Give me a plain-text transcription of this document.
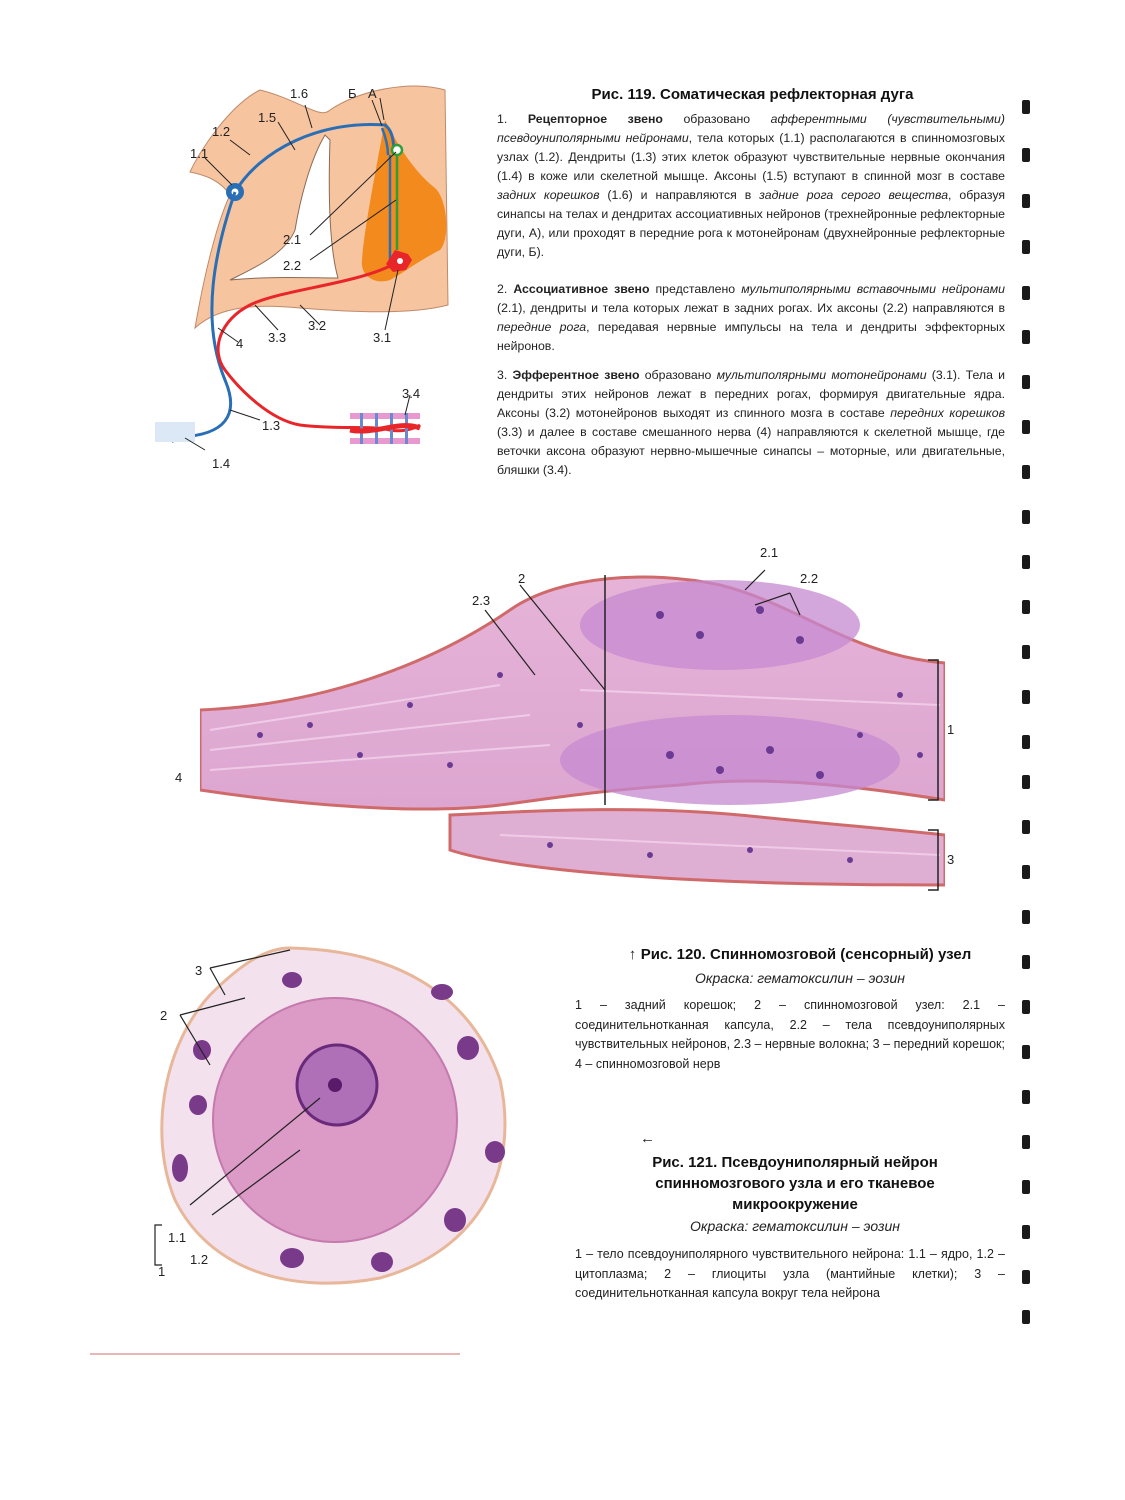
1.1
1.2
1.5
1.6	Б А
2.1
2.2
4 3.3
3.2
3.1
3.4
1.3
1.4
Рис. 119. Соматическая рефлекторная дуга
1. Рецепторное звено образовано афферентными (чувствительными) псевдоуниполярными нейронами, тела которых (1.1) располагаются в спинномозговых узлах (1.2). Дендриты (1.3) этих клеток образуют чувствительные нервные окончания (1.4) в коже или скелетной мышце. Аксоны (1.5) вступают в спинной мозг в составе задних корешков (1.6) и направляются в задние рога серого вещества, образуя синапсы на телах и дендритах ассоциативных нейронов (трехнейронные рефлекторные дуги, А), или проходят в передние рога к мотонейронам (двухнейронные рефлекторные дуги, Б).
2. Ассоциативное звено представлено мультиполярными вставочными нейронами (2.1), дендриты и тела которых лежат в задних рогах. Их аксоны (2.2) направляются в передние рога, передавая нервные импульсы на тела и дендриты эффекторных нейронов.
3. Эфферентное звено образовано мультиполярными мотонейронами (3.1). Тела и дендриты этих нейронов лежат в передних рогах, формируя двигательные ядра. Аксоны (3.2) мотонейронов выходят из спинного мозга в составе передних корешков (3.3) и далее в составе смешанного нерва (4) направляются к скелетной мышце, где веточки аксона образуют нервно-мышечные синапсы – моторные, или двигательные, бляшки (3.4).
4
1
3
2
2.3
2.1
2.2
↑ Рис. 120. Спинномозговой (сенсорный) узел
Окраска: гематоксилин – эозин
1 – задний корешок; 2 – спинномозговой узел: 2.1 – соединительнотканная капсула, 2.2 – тела псевдоуниполярных чувствительных нейронов, 2.3 – нервные волокна; 3 – передний корешок; 4 – спинномозговой нерв
3
2
1.1
1.2
1
←
Рис. 121. Псевдоуниполярный нейрон спинномозгового узла и его тканевое микроокружение
Окраска: гематоксилин – эозин
1 – тело псевдоуниполярного чувствительного нейрона: 1.1 – ядро, 1.2 – цитоплазма; 2 – глиоциты узла (мантийные клетки); 3 – соединительнотканная капсула вокруг тела нейрона
